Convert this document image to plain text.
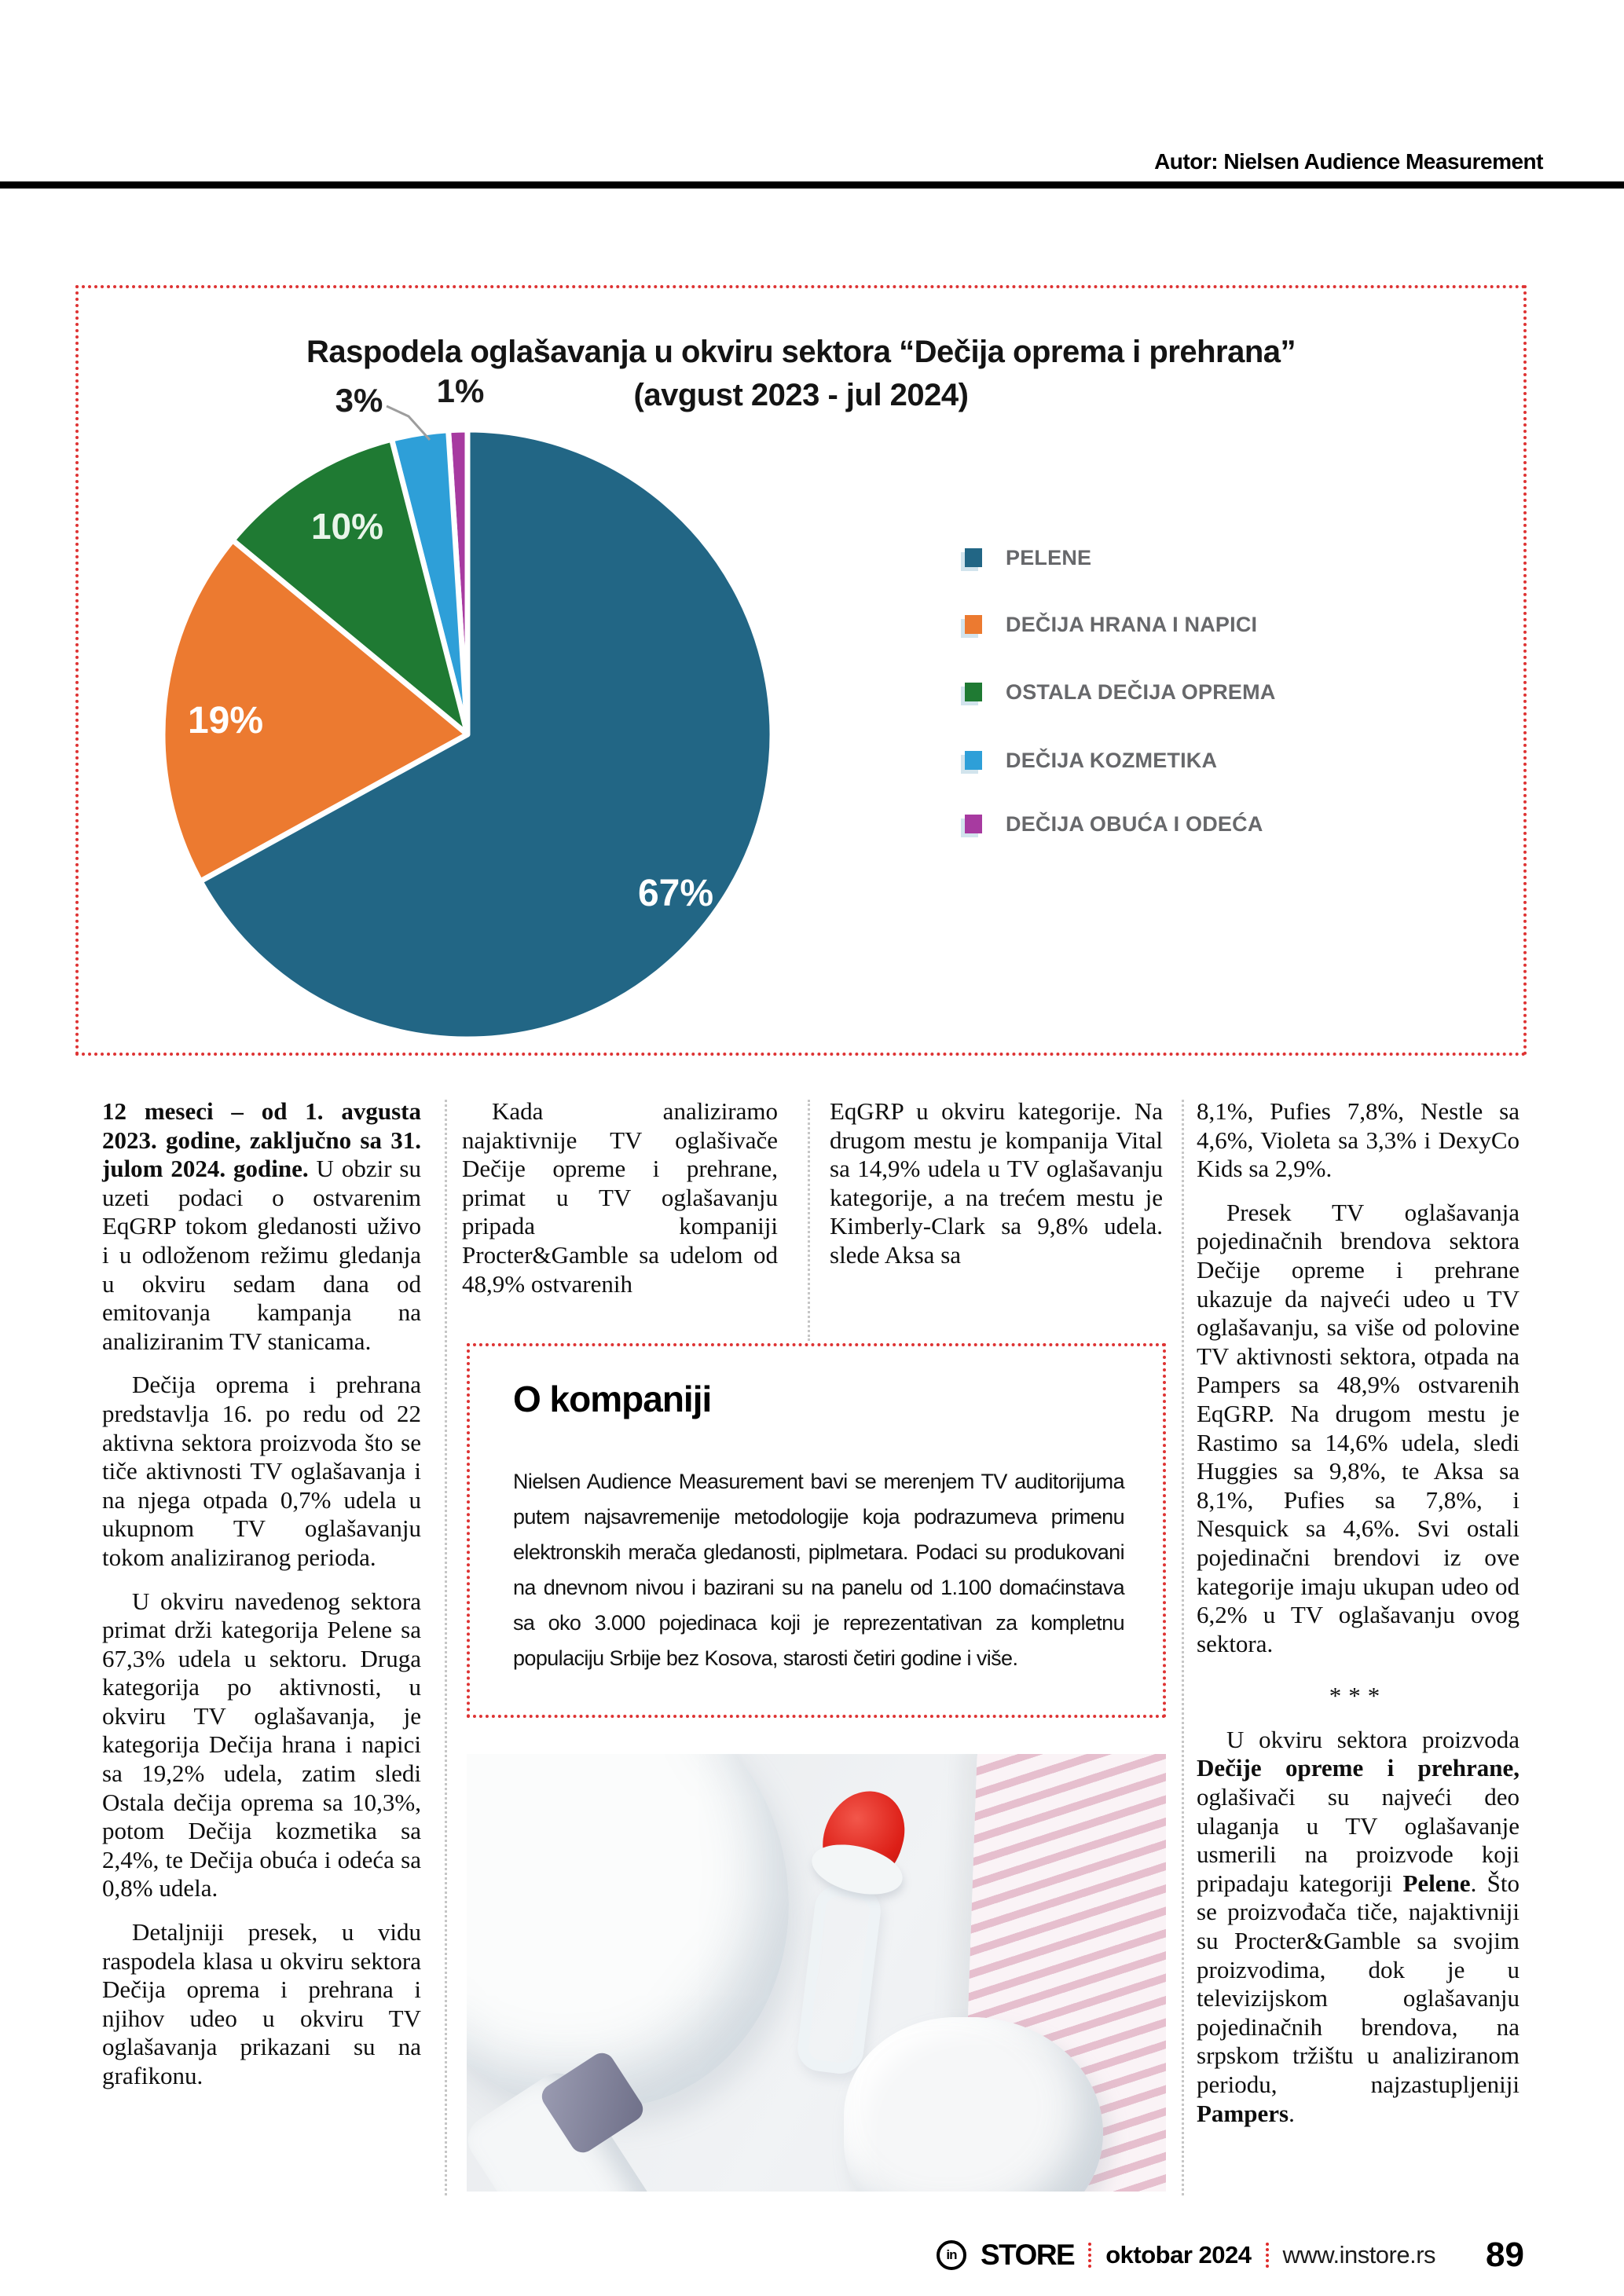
Autor: Nielsen Audience Measurement
Raspodela oglašavanja u okviru sektora “Dečija oprema i prehrana”
(avgust 2023 - jul 2024)
67%
19%
10%
3%	1%
PELENE
DEČIJA HRANA I NAPICI
OSTALA DEČIJA OPREMA
DEČIJA KOZMETIKA
DEČIJA OBUĆA I ODEĆA

12 meseci – od 1. avgusta 2023. godine, zaključno sa 31. julom 2024. godine. U obzir su uzeti podaci o ostvarenim EqGRP tokom gledanosti uživo i u odloženom režimu gledanja u okviru sedam dana od emitovanja kampanja na analiziranim TV stanicama.

Dečija oprema i prehrana predstavlja 16. po redu od 22 aktivna sektora proizvoda što se tiče aktivnosti TV oglašavanja i na njega otpada 0,7% udela u ukupnom TV oglašavanju tokom analiziranog perioda.

U okviru navedenog sektora primat drži kategorija Pelene sa 67,3% udela u sektoru. Druga kategorija po aktivnosti, u okviru TV oglašavanja, je kategorija Dečija hrana i napici sa 19,2% udela, zatim sledi Ostala dečija oprema sa 10,3%, potom Dečija kozmetika sa 2,4%, te Dečija obuća i odeća sa 0,8% udela.

Detaljniji presek, u vidu raspodela klasa u okviru sektora Dečija oprema i prehrana i njihov udeo u okviru TV oglašavanja prikazani su na grafikonu.

Kada analiziramo najaktivnije TV oglašivače Dečije opreme i prehrane, primat u TV oglašavanju pripada kompaniji Procter&Gamble sa udelom od 48,9% ostvarenih

EqGRP u okviru kategorije. Na drugom mestu je kompanija Vital sa 14,9% udela u TV oglašavanju kategorije, a na trećem mestu je Kimberly-Clark sa 9,8% udela. slede Aksa sa

8,1%, Pufies 7,8%, Nestle sa 4,6%, Violeta sa 3,3% i DexyCo Kids sa 2,9%.

Presek TV oglašavanja pojedinačnih brendova sektora Dečije opreme i prehrane ukazuje da najveći udeo u TV oglašavanju, sa više od polovine TV aktivnosti sektora, otpada na Pampers sa 48,9% ostvarenih EqGRP. Na drugom mestu je Rastimo sa 14,6% udela, sledi Huggies sa 9,8%, te Aksa sa 8,1%, Pufies sa 7,8%, i Nesquick sa 4,6%. Svi ostali pojedinačni brendovi iz ove kategorije imaju ukupan udeo od 6,2% u TV oglašavanju ovog sektora.

***

U okviru sektora proizvoda Dečije opreme i prehrane, oglašivači su najveći deo ulaganja u TV oglašavanje usmerili na proizvode koji pripadaju kategoriji Pelene. Što se proizvođača tiče, najaktivniji su Procter&Gamble sa svojim proizvodima, dok je u televizijskom oglašavanju pojedinačnih brendova, na srpskom tržištu u analiziranom periodu, najzastupljeniji Pampers.

O kompaniji
Nielsen Audience Measurement bavi se merenjem TV auditorijuma putem najsavremenije metodologije koja podrazumeva primenu elektronskih merača gledanosti, piplmetara. Podaci su produkovani na dnevnom nivou i bazirani su na panelu od 1.100 domaćinstava sa oko 3.000 pojedinaca koji je reprezentativan za kompletnu populaciju Srbije bez Kosova, starosti četiri godine i više.
in STORE oktobar 2024 www.instore.rs 89
